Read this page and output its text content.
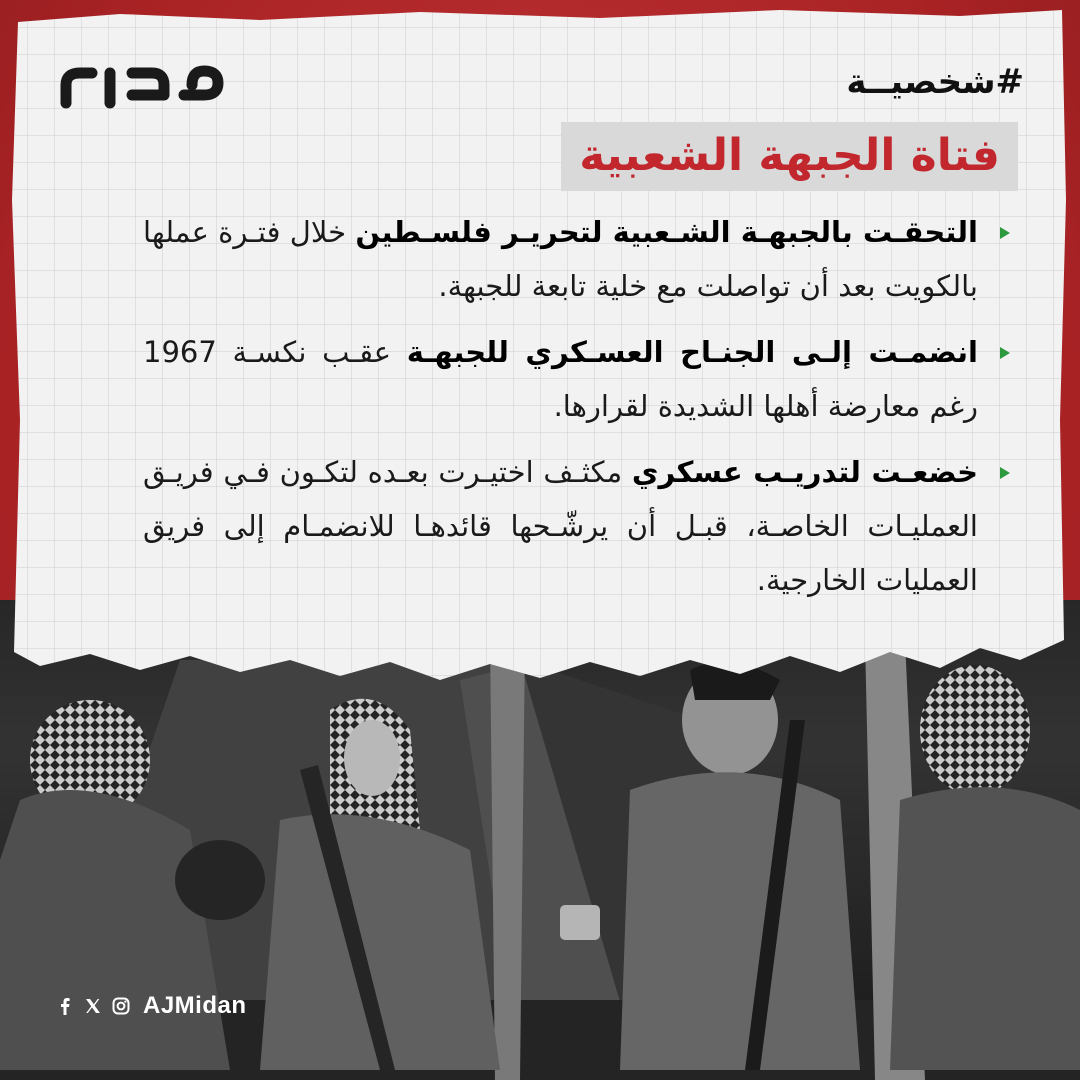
#شخصيــة
فتاة الجبهة الشعبية
التحقـت بالجبهـة الشـعبية لتحريـر فلسـطين خلال فتـرة عملها بالكويت بعد أن تواصلت مع خلية تابعة للجبهة.
انضمـت إلـى الجنـاح العسـكري للجبهـة عقـب نكسـة 1967 رغم معارضة أهلها الشديدة لقرارها.
خضعـت لتدريـب عسكري مكثـف اختيـرت بعـده لتكـون فـي فريـق العمليـات الخاصـة، قبـل أن يرشّـحها قائدهـا للانضمـام إلى فريق العمليات الخارجية.
AJMidan
